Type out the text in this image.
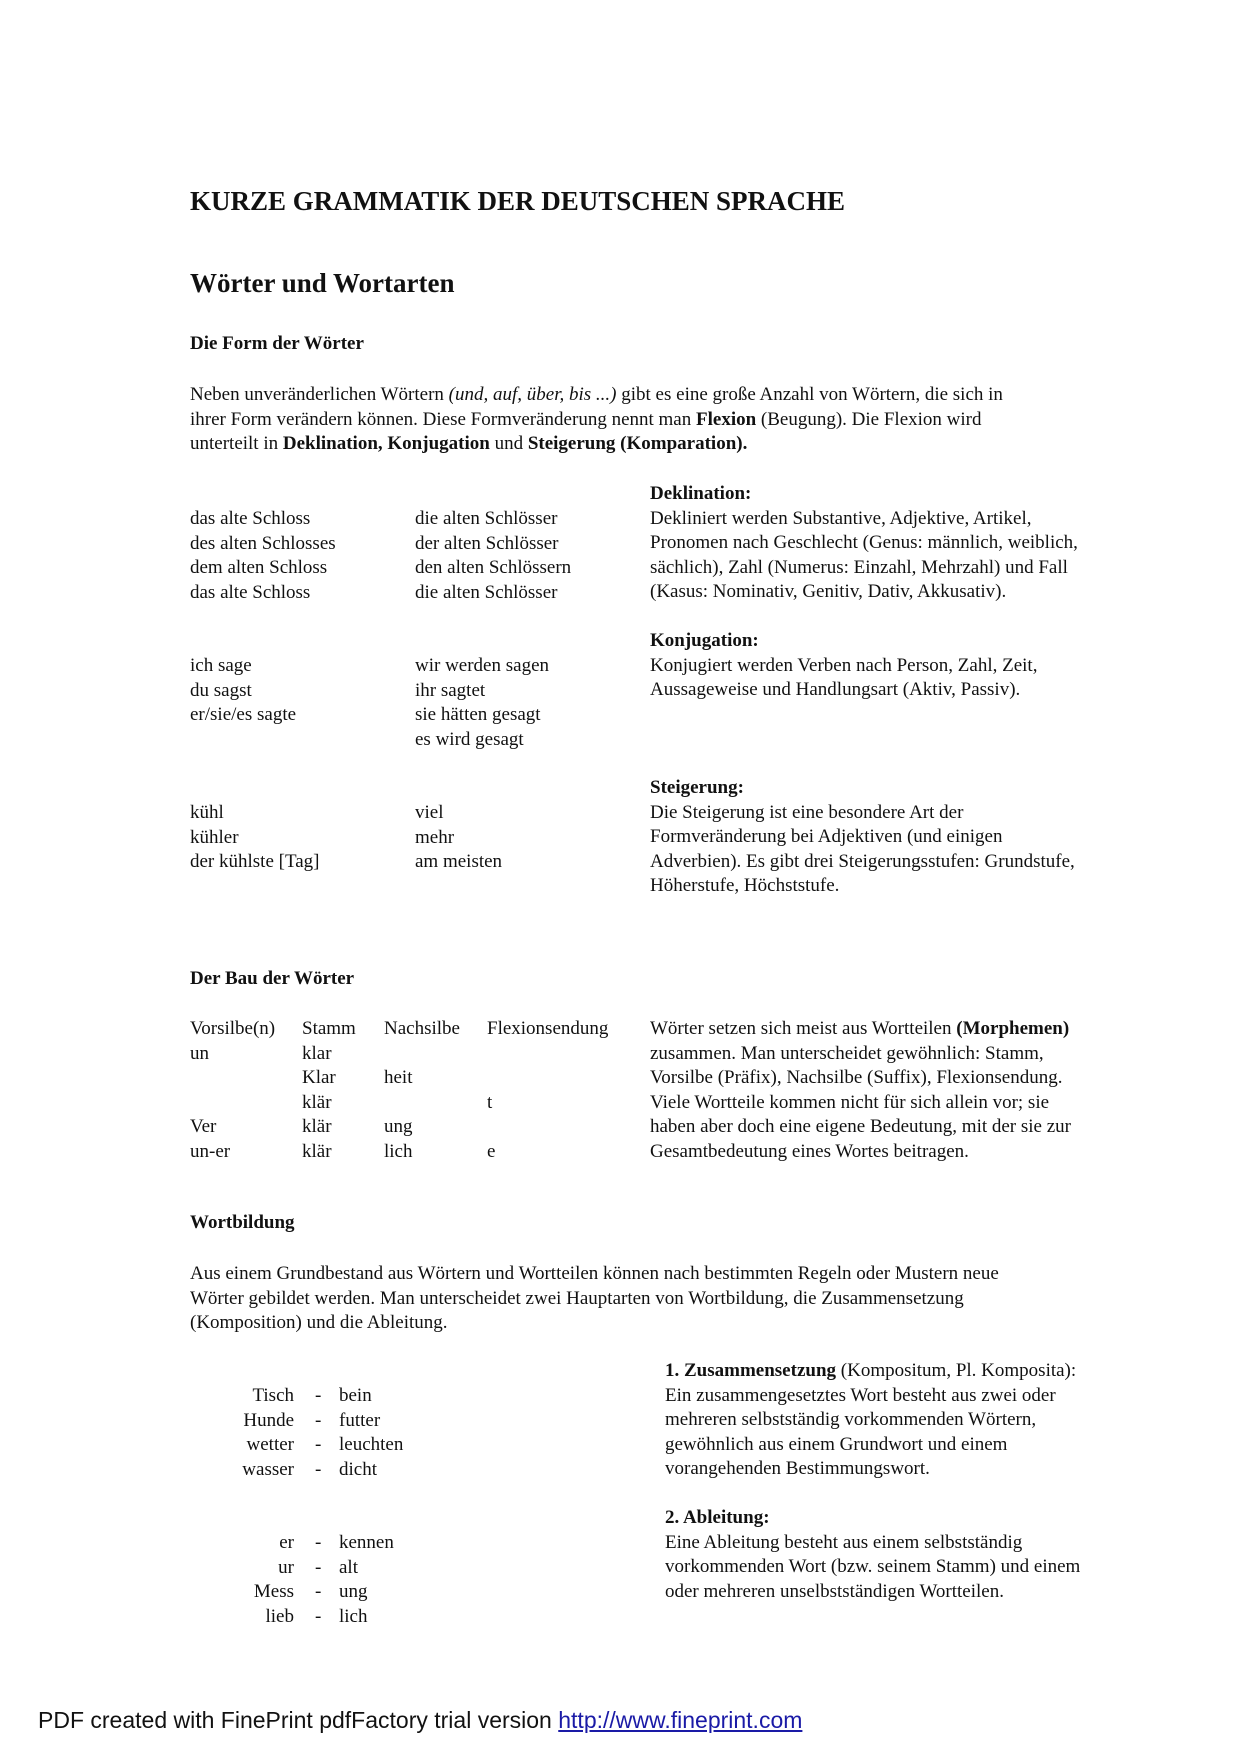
KURZE GRAMMATIK DER DEUTSCHEN SPRACHE
Wörter und Wortarten
Die Form der Wörter

Neben unveränderlichen Wörtern (und, auf, über, bis ...) gibt es eine große Anzahl von Wörtern, die sich in

ihrer Form verändern können. Diese Formveränderung nennt man Flexion (Beugung). Die Flexion wird

unterteilt in Deklination, Konjugation und Steigerung (Komparation).

das alte Schloss
des alten Schlosses
dem alten Schloss
das alte Schloss
die alten Schlösser
der alten Schlösser
den alten Schlössern
die alten Schlösser
Deklination:
Dekliniert werden Substantive, Adjektive, Artikel,
Pronomen nach Geschlecht (Genus: männlich, weiblich,
sächlich), Zahl (Numerus: Einzahl, Mehrzahl) und Fall
(Kasus: Nominativ, Genitiv, Dativ, Akkusativ).
ich sage
du sagst
er/sie/es sagte
wir werden sagen
ihr sagtet
sie hätten gesagt
es wird gesagt
Konjugation:
Konjugiert werden Verben nach Person, Zahl, Zeit,
Aussageweise und Handlungsart (Aktiv, Passiv).
kühl
kühler
der kühlste [Tag]
viel
mehr
am meisten
Steigerung:
Die Steigerung ist eine besondere Art der
Formveränderung bei Adjektiven (und einigen
Adverbien). Es gibt drei Steigerungsstufen: Grundstufe,
Höherstufe, Höchststufe.
Der Bau der Wörter
Vorsilbe(n)
un
Ver
un-er
Stamm
klar
Klar
klär
klär
klär
Nachsilbe
heit
ung
lich
Flexionsendung
t
e
Wörter setzen sich meist aus Wortteilen (Morphemen)
zusammen. Man unterscheidet gewöhnlich: Stamm,
Vorsilbe (Präfix), Nachsilbe (Suffix), Flexionsendung.
Viele Wortteile kommen nicht für sich allein vor; sie
haben aber doch eine eigene Bedeutung, mit der sie zur
Gesamtbedeutung eines Wortes beitragen.
Wortbildung
Aus einem Grundbestand aus Wörtern und Wortteilen können nach bestimmten Regeln oder Mustern neue
Wörter gebildet werden. Man unterscheidet zwei Hauptarten von Wortbildung, die Zusammensetzung
(Komposition) und die Ableitung.
Tisch
Hunde
wetter
wasser
-
-
-
-
bein
futter
leuchten
dicht
1. Zusammensetzung (Kompositum, Pl. Komposita):
Ein zusammengesetztes Wort besteht aus zwei oder
mehreren selbstständig vorkommenden Wörtern,
gewöhnlich aus einem Grundwort und einem
vorangehenden Bestimmungswort.
er
ur
Mess
lieb
-
-
-
-
kennen
alt
ung
lich
2. Ableitung:
Eine Ableitung besteht aus einem selbstständig
vorkommenden Wort (bzw. seinem Stamm) und einem
oder mehreren unselbstständigen Wortteilen.
PDF created with FinePrint pdfFactory trial version http://www.fineprint.com
